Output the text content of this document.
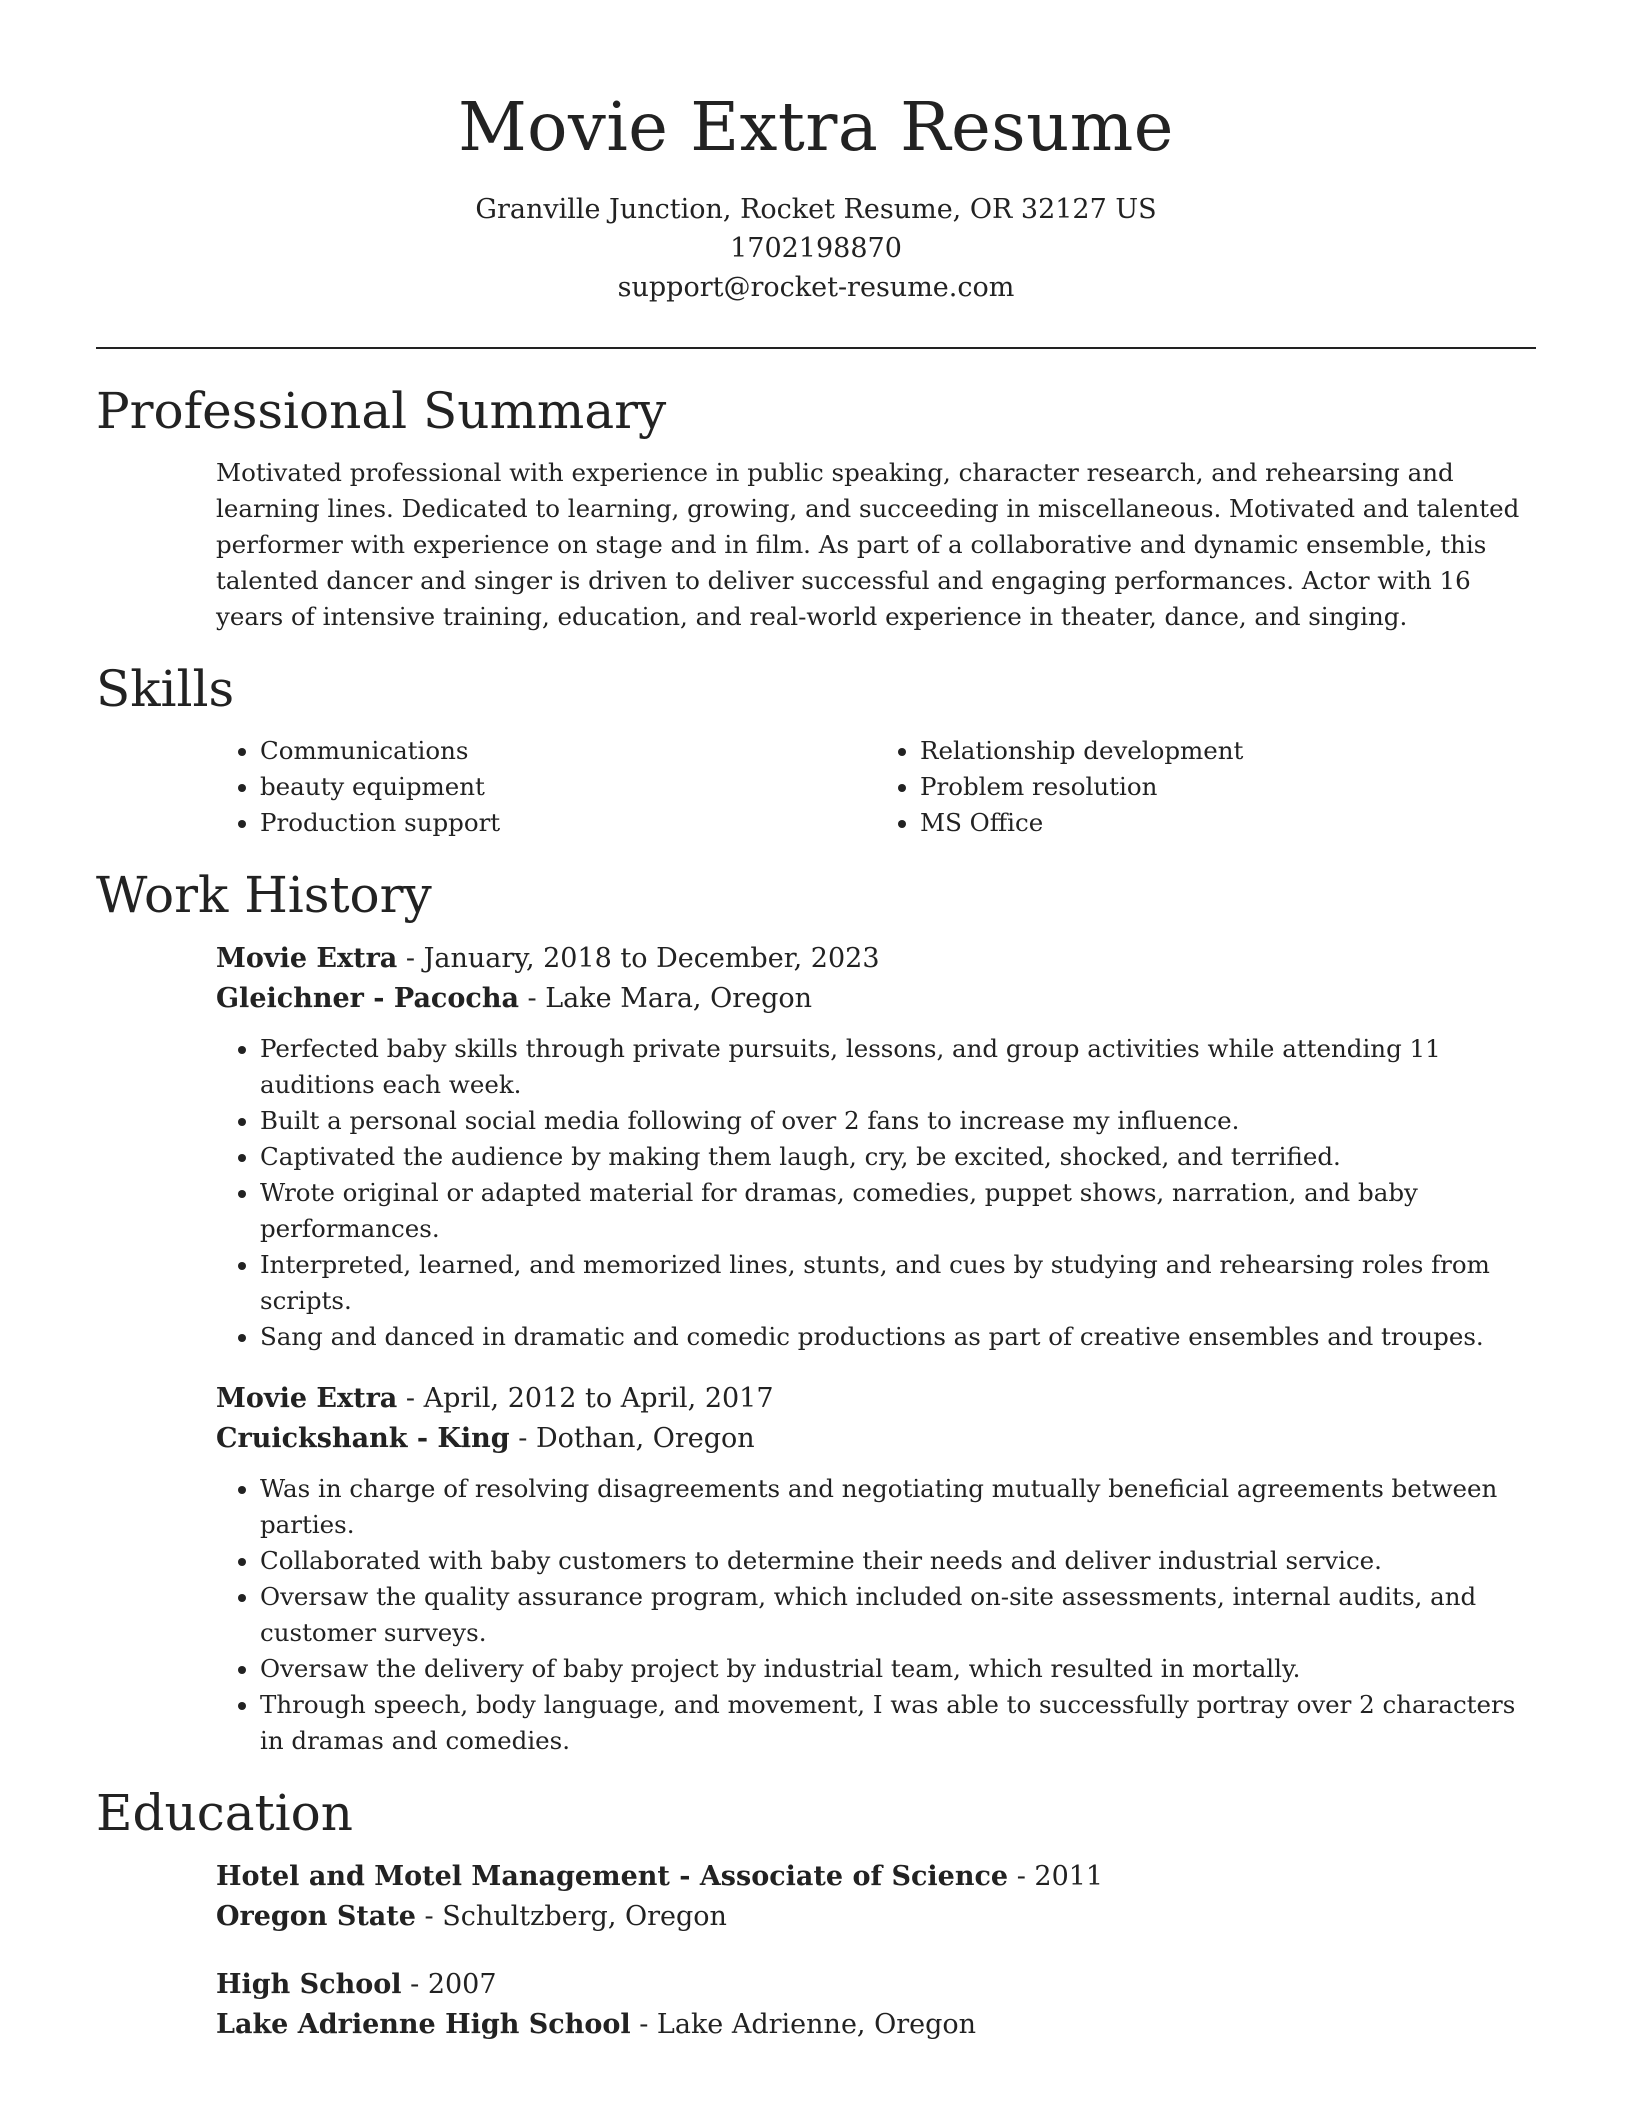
Movie Extra Resume
Granville Junction, Rocket Resume, OR 32127 US
1702198870
support@rocket-resume.com
Professional Summary

Motivated professional with experience in public speaking, character research, and rehearsing and learning lines. Dedicated to learning, growing, and succeeding in miscellaneous. Motivated and talented performer with experience on stage and in film. As part of a collaborative and dynamic ensemble, this talented dancer and singer is driven to deliver successful and engaging performances. Actor with 16 years of intensive training, education, and real-world experience in theater, dance, and singing.

Skills
• Communications
• beauty equipment
• Production support
• Relationship development
• Problem resolution
• MS Office
Work History
Movie Extra - January, 2018 to December, 2023
Gleichner - Pacocha - Lake Mara, Oregon
• Perfected baby skills through private pursuits, lessons, and group activities while attending 11 auditions each week.
• Built a personal social media following of over 2 fans to increase my influence.
• Captivated the audience by making them laugh, cry, be excited, shocked, and terrified.
• Wrote original or adapted material for dramas, comedies, puppet shows, narration, and baby performances.
• Interpreted, learned, and memorized lines, stunts, and cues by studying and rehearsing roles from scripts.
• Sang and danced in dramatic and comedic productions as part of creative ensembles and troupes.
Movie Extra - April, 2012 to April, 2017
Cruickshank - King - Dothan, Oregon
• Was in charge of resolving disagreements and negotiating mutually beneficial agreements between parties.
• Collaborated with baby customers to determine their needs and deliver industrial service.
• Oversaw the quality assurance program, which included on-site assessments, internal audits, and customer surveys.
• Oversaw the delivery of baby project by industrial team, which resulted in mortally.
• Through speech, body language, and movement, I was able to successfully portray over 2 characters in dramas and comedies.
Education
Hotel and Motel Management - Associate of Science - 2011
Oregon State - Schultzberg, Oregon
High School - 2007
Lake Adrienne High School - Lake Adrienne, Oregon
